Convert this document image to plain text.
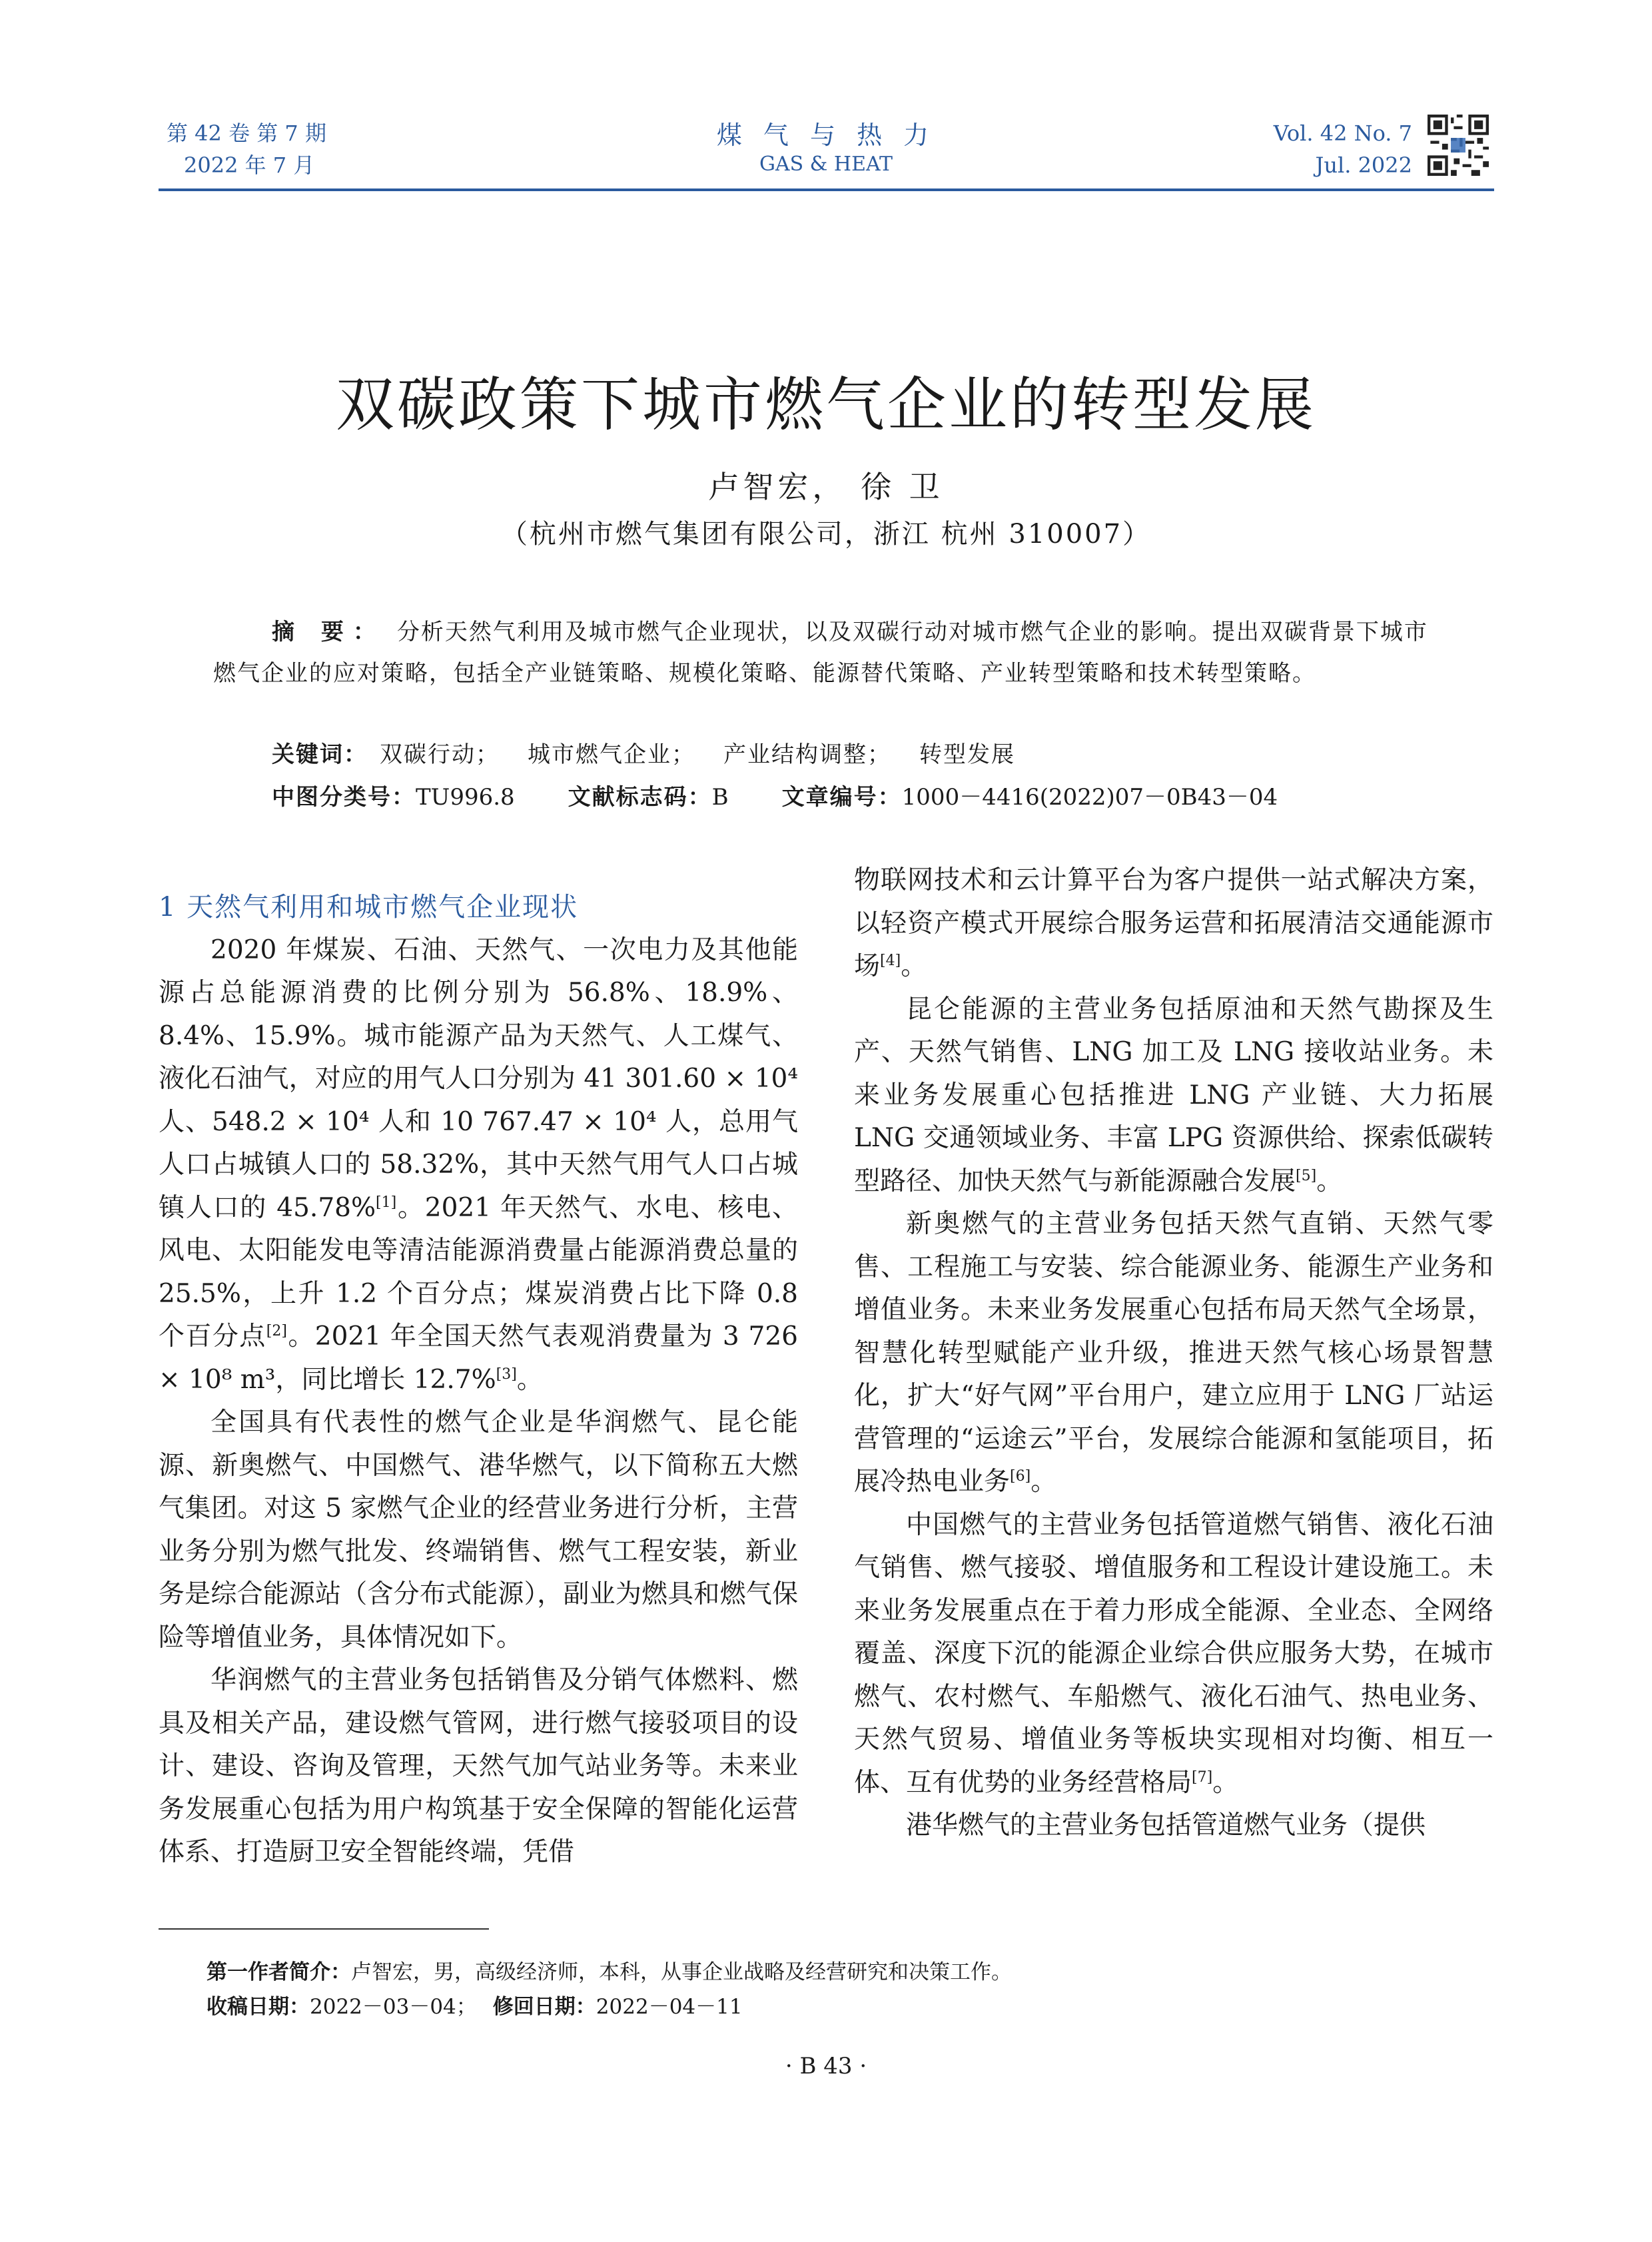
第 42 卷 第 7 期
2022 年 7 月
煤 气 与 热 力
GAS & HEAT
Vol. 42 No. 7
Jul. 2022
双碳政策下城市燃气企业的转型发展
卢智宏， 徐 卫
（杭州市燃气集团有限公司，浙江 杭州 310007）
摘 要： 分析天然气利用及城市燃气企业现状，以及双碳行动对城市燃气企业的影响。提出双碳背景下城市燃气企业的应对策略，包括全产业链策略、规模化策略、能源替代策略、产业转型策略和技术转型策略。
关键词： 双碳行动； 城市燃气企业； 产业结构调整； 转型发展
中图分类号：TU996.8 文献标志码：B 文章编号：1000－4416(2022)07－0B43－04

1 天然气利用和城市燃气企业现状

2020 年煤炭、石油、天然气、一次电力及其他能源占总能源消费的比例分别为 56.8%、18.9%、8.4%、15.9%。城市能源产品为天然气、人工煤气、液化石油气，对应的用气人口分别为 41 301.60 × 10⁴ 人、548.2 × 10⁴ 人和 10 767.47 × 10⁴ 人，总用气人口占城镇人口的 58.32%，其中天然气用气人口占城镇人口的 45.78%[1]。2021 年天然气、水电、核电、风电、太阳能发电等清洁能源消费量占能源消费总量的 25.5%，上升 1.2 个百分点；煤炭消费占比下降 0.8 个百分点[2]。2021 年全国天然气表观消费量为 3 726 × 10⁸ m³，同比增长 12.7%[3]。

全国具有代表性的燃气企业是华润燃气、昆仑能源、新奥燃气、中国燃气、港华燃气，以下简称五大燃气集团。对这 5 家燃气企业的经营业务进行分析，主营业务分别为燃气批发、终端销售、燃气工程安装，新业务是综合能源站（含分布式能源），副业为燃具和燃气保险等增值业务，具体情况如下。

华润燃气的主营业务包括销售及分销气体燃料、燃具及相关产品，建设燃气管网，进行燃气接驳项目的设计、建设、咨询及管理，天然气加气站业务等。未来业务发展重心包括为用户构筑基于安全保障的智能化运营体系、打造厨卫安全智能终端，凭借

物联网技术和云计算平台为客户提供一站式解决方案，以轻资产模式开展综合服务运营和拓展清洁交通能源市场[4]。

昆仑能源的主营业务包括原油和天然气勘探及生产、天然气销售、LNG 加工及 LNG 接收站业务。未来业务发展重心包括推进 LNG 产业链、大力拓展 LNG 交通领域业务、丰富 LPG 资源供给、探索低碳转型路径、加快天然气与新能源融合发展[5]。

新奥燃气的主营业务包括天然气直销、天然气零售、工程施工与安装、综合能源业务、能源生产业务和增值业务。未来业务发展重心包括布局天然气全场景，智慧化转型赋能产业升级，推进天然气核心场景智慧化，扩大“好气网”平台用户，建立应用于 LNG 厂站运营管理的“运途云”平台，发展综合能源和氢能项目，拓展冷热电业务[6]。

中国燃气的主营业务包括管道燃气销售、液化石油气销售、燃气接驳、增值服务和工程设计建设施工。未来业务发展重点在于着力形成全能源、全业态、全网络覆盖、深度下沉的能源企业综合供应服务大势，在城市燃气、农村燃气、车船燃气、液化石油气、热电业务、天然气贸易、增值业务等板块实现相对均衡、相互一体、互有优势的业务经营格局[7]。

港华燃气的主营业务包括管道燃气业务（提供

第一作者简介：卢智宏，男，高级经济师，本科，从事企业战略及经营研究和决策工作。
收稿日期：2022－03－04； 修回日期：2022－04－11
· B 43 ·
